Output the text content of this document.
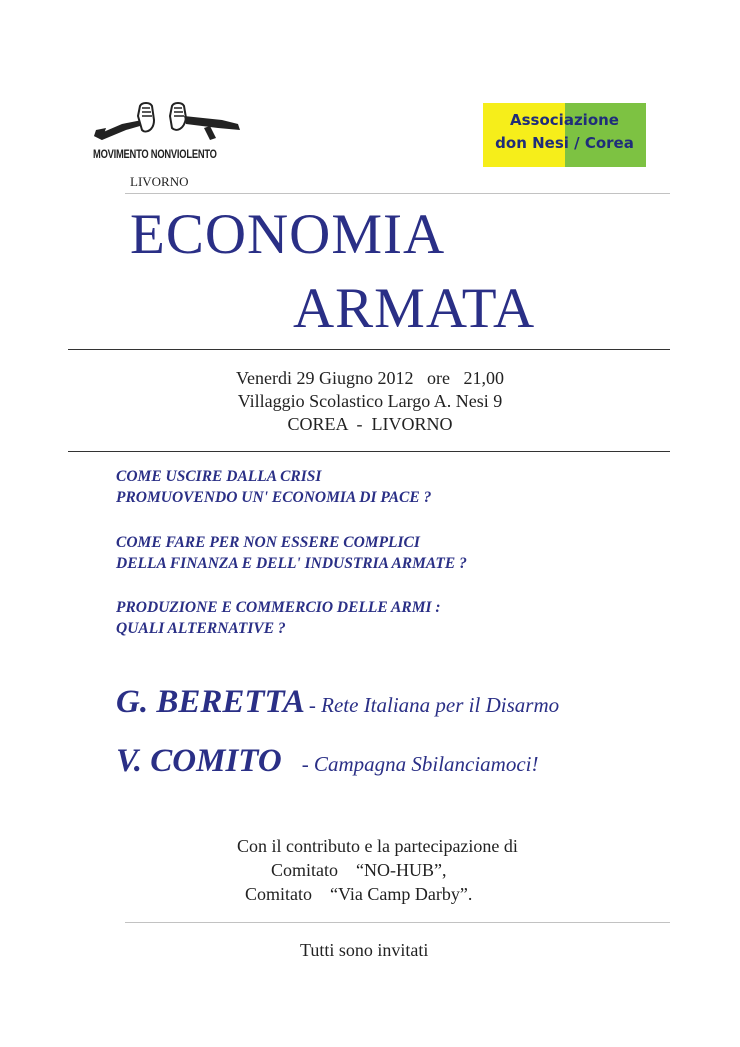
MOVIMENTO NONVIOLENTO
LIVORNO
Associazione
don Nesi / Corea
ECONOMIA
ARMATA
Venerdi 29 Giugno 2012   ore   21,00
Villaggio Scolastico Largo A. Nesi 9
COREA  -  LIVORNO
COME USCIRE DALLA CRISI
PROMUOVENDO UN' ECONOMIA DI PACE ?
COME FARE PER NON ESSERE COMPLICI
DELLA FINANZA E DELL' INDUSTRIA ARMATE ?
PRODUZIONE E COMMERCIO DELLE ARMI :
QUALI ALTERNATIVE ?
G. BERETTA - Rete Italiana per il Disarmo
V. COMITO - Campagna Sbilanciamoci!
Con il contributo e la partecipazione di
Comitato    “NO-HUB”,
Comitato    “Via Camp Darby”.
Tutti sono invitati
